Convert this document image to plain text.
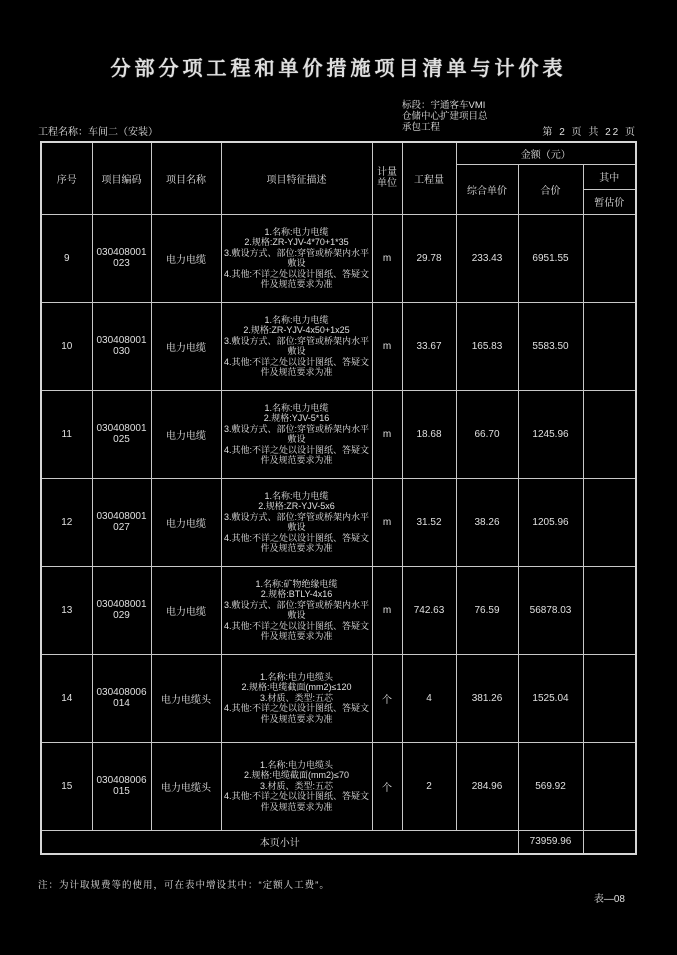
分部分项工程和单价措施项目清单与计价表
标段：宇通客车VMI
仓储中心扩建项目总
承包工程
工程名称：车间二（安装）	第 2 页 共 22 页
序号	项目编码	项目名称	项目特征描述	计量单位	工程量	金额（元）		
						综合单价	合价	其中
								暂估价
9	030408001023	电力电缆	1.名称:电力电缆
2.规格:ZR-YJV-4*70+1*35
3.敷设方式、部位:穿管或桥架内水平敷设
4.其他:不详之处以设计图纸、答疑文件及规范要求为准	m	29.78	233.43	6951.55	
10	030408001030	电力电缆	1.名称:电力电缆
2.规格:ZR-YJV-4x50+1x25
3.敷设方式、部位:穿管或桥架内水平敷设
4.其他:不详之处以设计图纸、答疑文件及规范要求为准	m	33.67	165.83	5583.50	
11	030408001025	电力电缆	1.名称:电力电缆
2.规格:YJV-5*16
3.敷设方式、部位:穿管或桥架内水平敷设
4.其他:不详之处以设计图纸、答疑文件及规范要求为准	m	18.68	66.70	1245.96	
12	030408001027	电力电缆	1.名称:电力电缆
2.规格:ZR-YJV-5x6
3.敷设方式、部位:穿管或桥架内水平敷设
4.其他:不详之处以设计图纸、答疑文件及规范要求为准	m	31.52	38.26	1205.96	
13	030408001029	电力电缆	1.名称:矿物绝缘电缆
2.规格:BTLY-4x16
3.敷设方式、部位:穿管或桥架内水平敷设
4.其他:不详之处以设计图纸、答疑文件及规范要求为准	m	742.63	76.59	56878.03	
14	030408006014	电力电缆头	1.名称:电力电缆头
2.规格:电缆截面(mm2)≤120
3.材质、类型:五芯
4.其他:不详之处以设计图纸、答疑文件及规范要求为准	个	4	381.26	1525.04	
15	030408006015	电力电缆头	1.名称:电力电缆头
2.规格:电缆截面(mm2)≤70
3.材质、类型:五芯
4.其他:不详之处以设计图纸、答疑文件及规范要求为准	个	2	284.96	569.92	
本页小计							73959.96	
注：为计取规费等的使用，可在表中增设其中：“定额人工费”。
表—08
